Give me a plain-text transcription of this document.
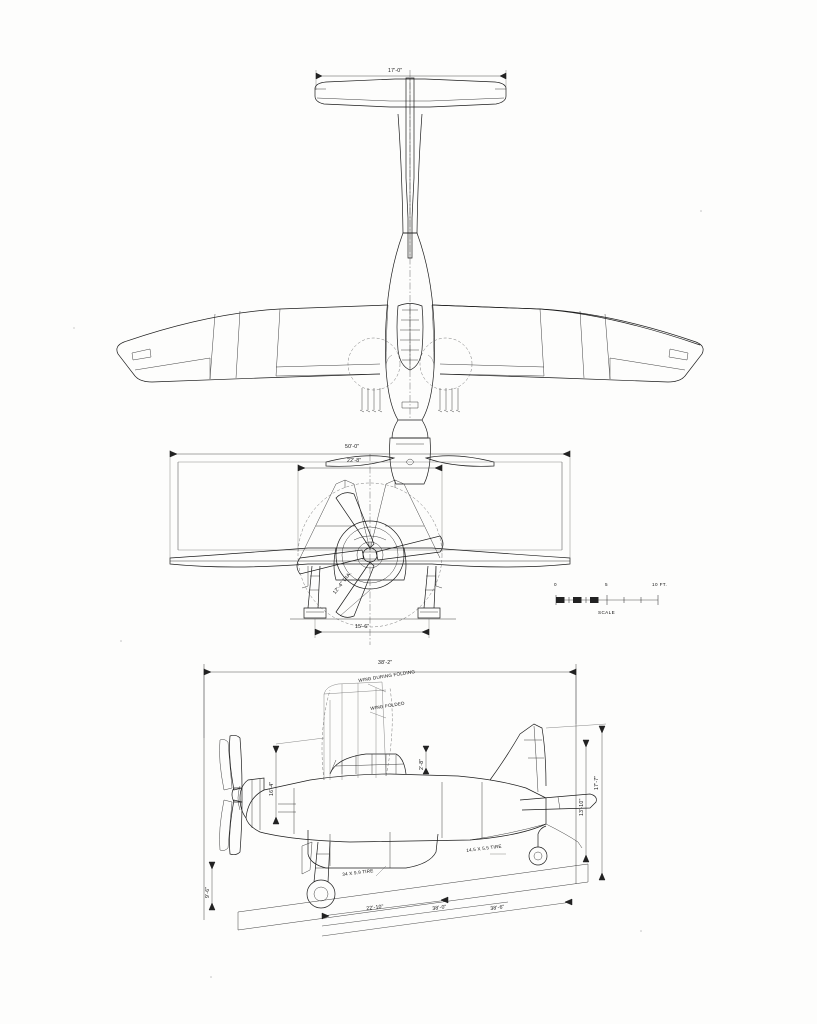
17'-0"
50'-0"
22'-8"
15'-6"
12'-4" DIA.	0	5	10 FT.
SCALE
38'-2"
17'-7"
13'-10"
16'-4"
9'-6"
2'-8"
22'-10"	38'-0"	38'-6"
WING DURING FOLDING
WING FOLDED
34 X 9.9 TIRE
14.5 X 5.5 TIRE
